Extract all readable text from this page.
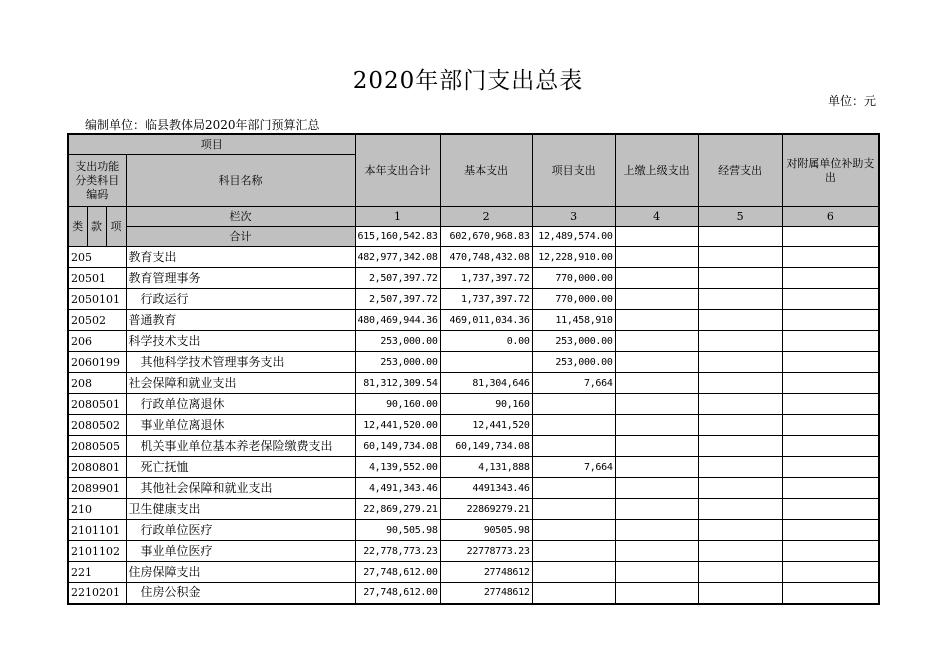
2020年部门支出总表
单位：元
编制单位：临县教体局2020年部门预算汇总
项目				本年支出合计	基本支出	项目支出	上缴上级支出	经营支出	对附属单位补助支出
支出功能分类科目编码			科目名称						

类	款	项	栏次	1	2	3	4	5	6
			合计	615,160,542.83	602,670,968.83	12,489,574.00			
205			教育支出	482,977,342.08	470,748,432.08	12,228,910.00			
20501			教育管理事务	2,507,397.72	1,737,397.72	770,000.00			
2050101			行政运行	2,507,397.72	1,737,397.72	770,000.00			
20502			普通教育	480,469,944.36	469,011,034.36	11,458,910			
206			科学技术支出	253,000.00	0.00	253,000.00			
2060199			其他科学技术管理事务支出	253,000.00		253,000.00			
208			社会保障和就业支出	81,312,309.54	81,304,646	7,664			
2080501			行政单位离退休	90,160.00	90,160				
2080502			事业单位离退休	12,441,520.00	12,441,520				
2080505			机关事业单位基本养老保险缴费支出	60,149,734.08	60,149,734.08				
2080801			死亡抚恤	4,139,552.00	4,131,888	7,664			
2089901			其他社会保障和就业支出	4,491,343.46	4491343.46				
210			卫生健康支出	22,869,279.21	22869279.21				
2101101			行政单位医疗	90,505.98	90505.98				
2101102			事业单位医疗	22,778,773.23	22778773.23				
221			住房保障支出	27,748,612.00	27748612				
2210201			住房公积金	27,748,612.00	27748612				
